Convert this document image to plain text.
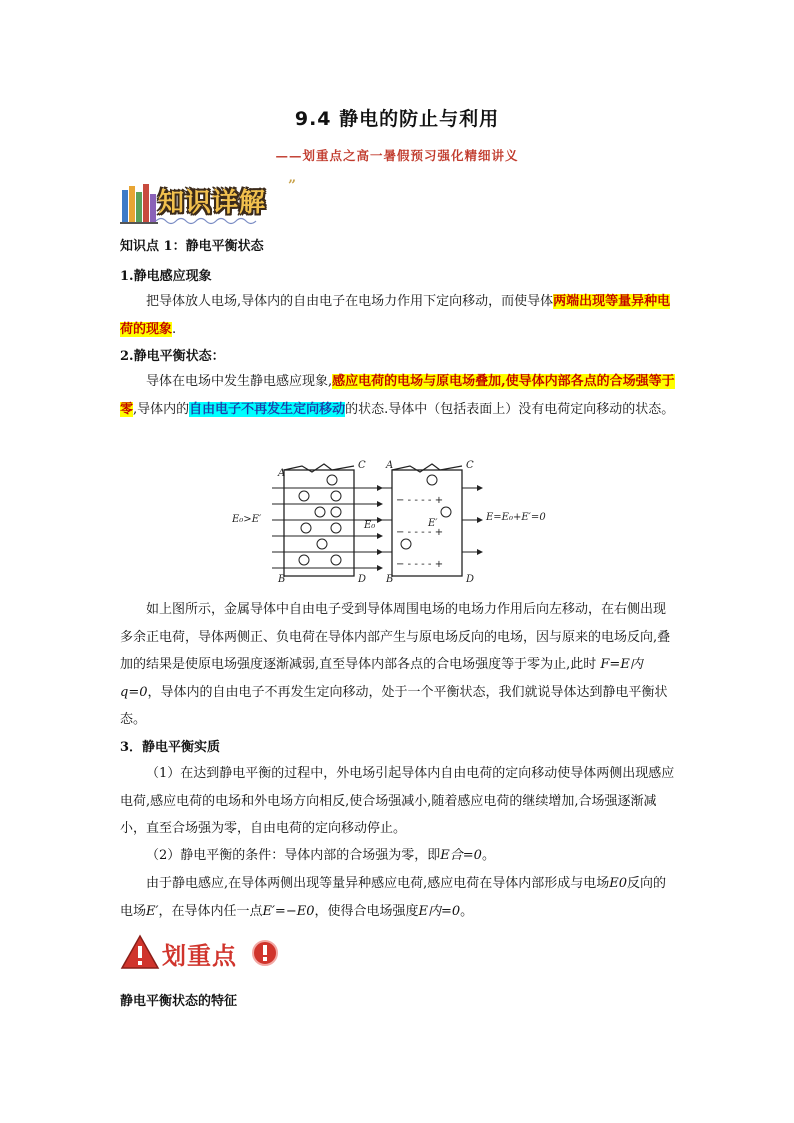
9.4 静电的防止与利用
——划重点之高一暑假预习强化精细讲义
知识详解
”
知识点 1：静电平衡状态
1.静电感应现象
把导体放人电场,导体内的自由电子在电场力作用下定向移动，而使导体两端出现等量异种电荷的现象.
2.静电平衡状态：
导体在电场中发生静电感应现象,感应电荷的电场与原电场叠加,使导体内部各点的合场强等于零,导体内的自由电子不再发生定向移动的状态.导体中（包括表面上）没有电荷定向移动的状态。
− - - - - +
− - - - - +
− - - - - +
A
B
C
D
A
B
C
D
E₀>E′
E₀	E′
E=E₀+E′=0
如上图所示，金属导体中自由电子受到导体周围电场的电场力作用后向左移动，在右侧出现多余正电荷，导体两侧正、负电荷在导体内部产生与原电场反向的电场，因与原来的电场反向,叠加的结果是使原电场强度逐渐减弱,直至导体内部各点的合电场强度等于零为止,此时 F=E内q=0，导体内的自由电子不再发生定向移动，处于一个平衡状态，我们就说导体达到静电平衡状态。
3．静电平衡实质
（1）在达到静电平衡的过程中，外电场引起导体内自由电荷的定向移动使导体两侧出现感应电荷,感应电荷的电场和外电场方向相反,使合场强减小,随着感应电荷的继续增加,合场强逐渐减小，直至合场强为零，自由电荷的定向移动停止。
（2）静电平衡的条件：导体内部的合场强为零，即E合=0。
由于静电感应,在导体两侧出现等量异种感应电荷,感应电荷在导体内部形成与电场E0反向的电场E′，在导体内任一点E′=−E0，使得合电场强度E内=0。
划重点
静电平衡状态的特征
